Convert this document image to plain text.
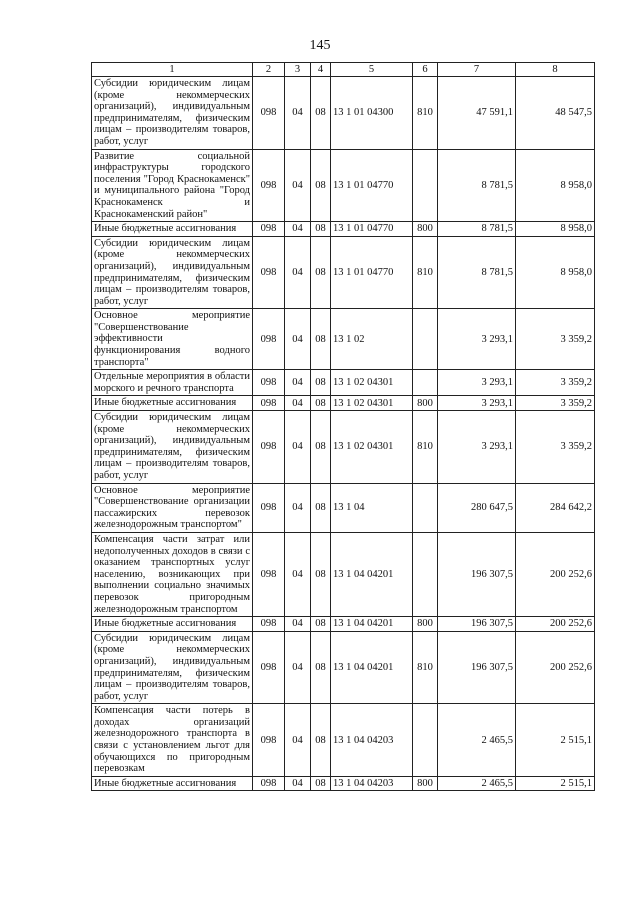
145
1	2	3	4	5	6	7	8
Субсидии юридическим лицам (кроме некоммерческих организаций), индивидуальным предпринимателям, физическим лицам – производителям товаров, работ, услуг	098	04	08	13 1 01 04300	810	47 591,1	48 547,5
Развитие социальной инфраструктуры городского поселения "Город Краснокаменск" и муниципального района "Город Краснокаменск и Краснокаменский район"	098	04	08	13 1 01 04770		8 781,5	8 958,0
Иные бюджетные ассигнования	098	04	08	13 1 01 04770	800	8 781,5	8 958,0
Субсидии юридическим лицам (кроме некоммерческих организаций), индивидуальным предпринимателям, физическим лицам – производителям товаров, работ, услуг	098	04	08	13 1 01 04770	810	8 781,5	8 958,0
Основное мероприятие "Совершенствование эффективности функционирования водного транспорта"	098	04	08	13 1 02		3 293,1	3 359,2
Отдельные мероприятия в области морского и речного транспорта	098	04	08	13 1 02 04301		3 293,1	3 359,2
Иные бюджетные ассигнования	098	04	08	13 1 02 04301	800	3 293,1	3 359,2
Субсидии юридическим лицам (кроме некоммерческих организаций), индивидуальным предпринимателям, физическим лицам – производителям товаров, работ, услуг	098	04	08	13 1 02 04301	810	3 293,1	3 359,2
Основное мероприятие "Совершенствование организации пассажирских перевозок железнодорожным транспортом"	098	04	08	13 1 04		280 647,5	284 642,2
Компенсация части затрат или недополученных доходов в связи с оказанием транспортных услуг населению, возникающих при выполнении социально значимых перевозок пригородным железнодорожным транспортом	098	04	08	13 1 04 04201		196 307,5	200 252,6
Иные бюджетные ассигнования	098	04	08	13 1 04 04201	800	196 307,5	200 252,6
Субсидии юридическим лицам (кроме некоммерческих организаций), индивидуальным предпринимателям, физическим лицам – производителям товаров, работ, услуг	098	04	08	13 1 04 04201	810	196 307,5	200 252,6
Компенсация части потерь в доходах организаций железнодорожного транспорта в связи с установлением льгот для обучающихся по пригородным перевозкам	098	04	08	13 1 04 04203		2 465,5	2 515,1
Иные бюджетные ассигнования	098	04	08	13 1 04 04203	800	2 465,5	2 515,1
